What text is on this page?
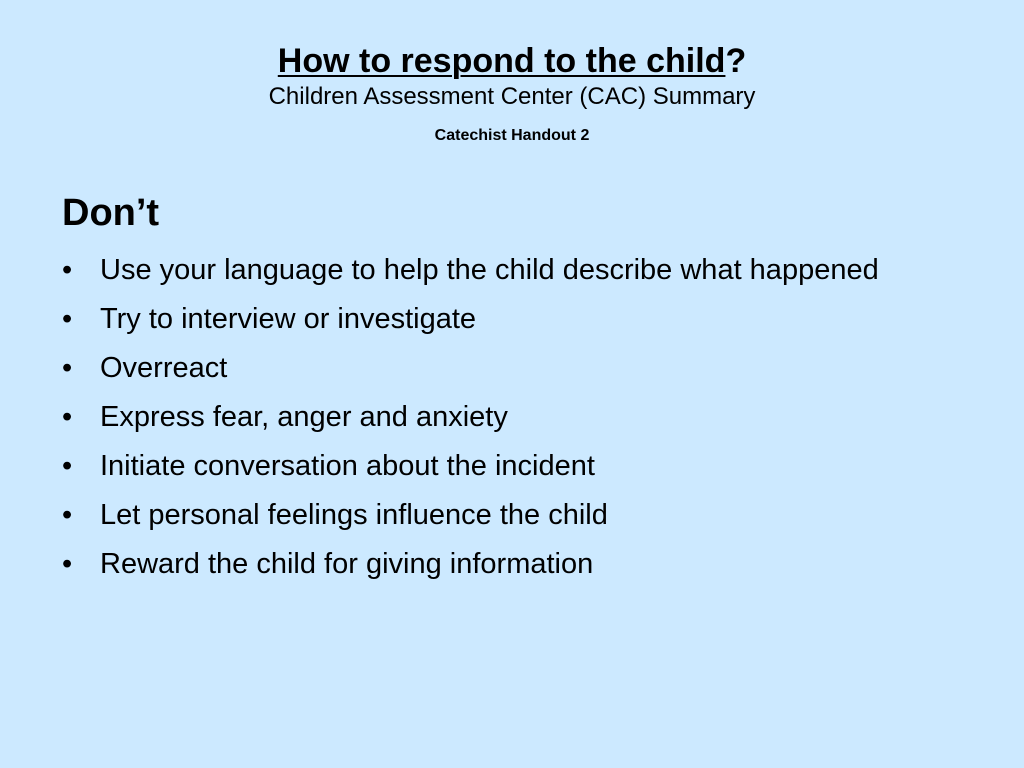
How to respond to the child?

Children Assessment Center (CAC) Summary

Catechist Handout 2
Don’t
• Use your language to help the child describe what happened
• Try to interview or investigate
• Overreact
• Express fear, anger and anxiety
• Initiate conversation about the incident
• Let personal feelings influence the child
• Reward the child for giving information
